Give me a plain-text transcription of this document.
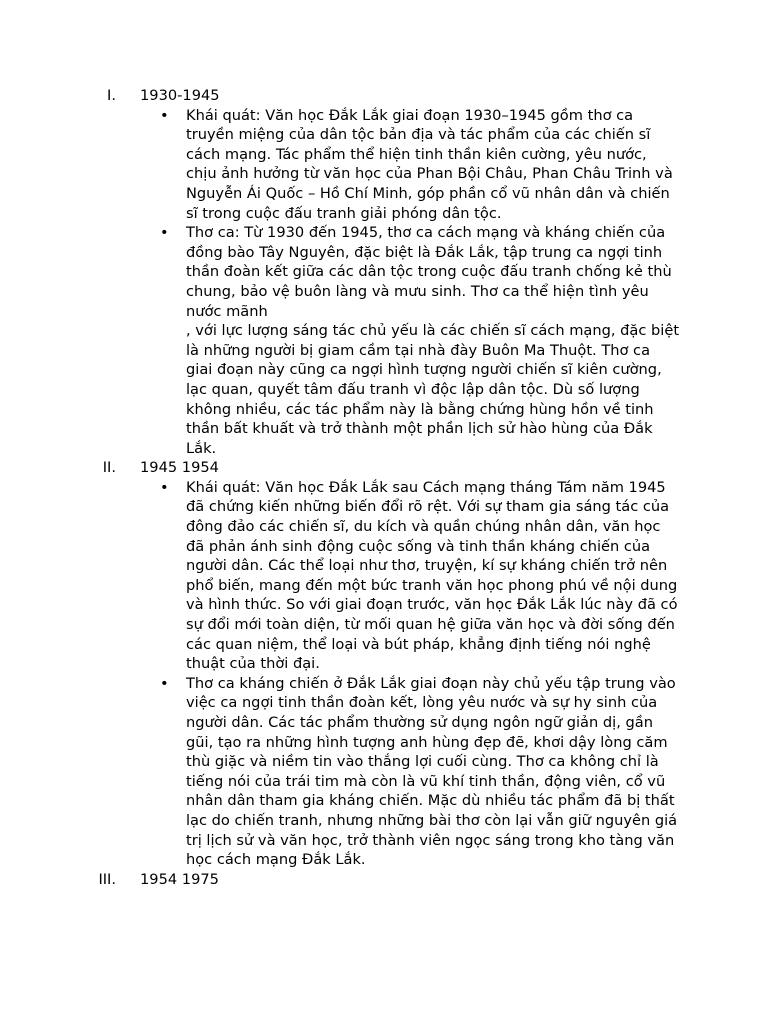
I. 1930-1945
• Khái quát: Văn học Đắk Lắk giai đoạn 1930–1945 gồm thơ ca truyền miệng của dân tộc bản địa và tác phẩm của các chiến sĩ cách mạng. Tác phẩm thể hiện tinh thần kiên cường, yêu nước, chịu ảnh hưởng từ văn học của Phan Bội Châu, Phan Châu Trinh và Nguyễn Ái Quốc – Hồ Chí Minh, góp phần cổ vũ nhân dân và chiến sĩ trong cuộc đấu tranh giải phóng dân tộc.
• Thơ ca: Từ 1930 đến 1945, thơ ca cách mạng và kháng chiến của đồng bào Tây Nguyên, đặc biệt là Đắk Lắk, tập trung ca ngợi tinh thần đoàn kết giữa các dân tộc trong cuộc đấu tranh chống kẻ thù chung, bảo vệ buôn làng và mưu sinh. Thơ ca thể hiện tình yêu nước mãnh
, với lực lượng sáng tác chủ yếu là các chiến sĩ cách mạng, đặc biệt là những người bị giam cầm tại nhà đày Buôn Ma Thuột. Thơ ca giai đoạn này cũng ca ngợi hình tượng người chiến sĩ kiên cường, lạc quan, quyết tâm đấu tranh vì độc lập dân tộc. Dù số lượng không nhiều, các tác phẩm này là bằng chứng hùng hồn về tinh thần bất khuất và trở thành một phần lịch sử hào hùng của Đắk Lắk.
II. 1945 1954
• Khái quát: Văn học Đắk Lắk sau Cách mạng tháng Tám năm 1945 đã chứng kiến những biến đổi rõ rệt. Với sự tham gia sáng tác của đông đảo các chiến sĩ, du kích và quần chúng nhân dân, văn học đã phản ánh sinh động cuộc sống và tinh thần kháng chiến của người dân. Các thể loại như thơ, truyện, kí sự kháng chiến trở nên phổ biến, mang đến một bức tranh văn học phong phú về nội dung và hình thức. So với giai đoạn trước, văn học Đắk Lắk lúc này đã có sự đổi mới toàn diện, từ mối quan hệ giữa văn học và đời sống đến các quan niệm, thể loại và bút pháp, khẳng định tiếng nói nghệ thuật của thời đại.
• Thơ ca kháng chiến ở Đắk Lắk giai đoạn này chủ yếu tập trung vào việc ca ngợi tinh thần đoàn kết, lòng yêu nước và sự hy sinh của người dân. Các tác phẩm thường sử dụng ngôn ngữ giản dị, gần gũi, tạo ra những hình tượng anh hùng đẹp đẽ, khơi dậy lòng căm thù giặc và niềm tin vào thắng lợi cuối cùng. Thơ ca không chỉ là tiếng nói của trái tim mà còn là vũ khí tinh thần, động viên, cổ vũ nhân dân tham gia kháng chiến. Mặc dù nhiều tác phẩm đã bị thất lạc do chiến tranh, nhưng những bài thơ còn lại vẫn giữ nguyên giá trị lịch sử và văn học, trở thành viên ngọc sáng trong kho tàng văn học cách mạng Đắk Lắk.
III. 1954 1975
